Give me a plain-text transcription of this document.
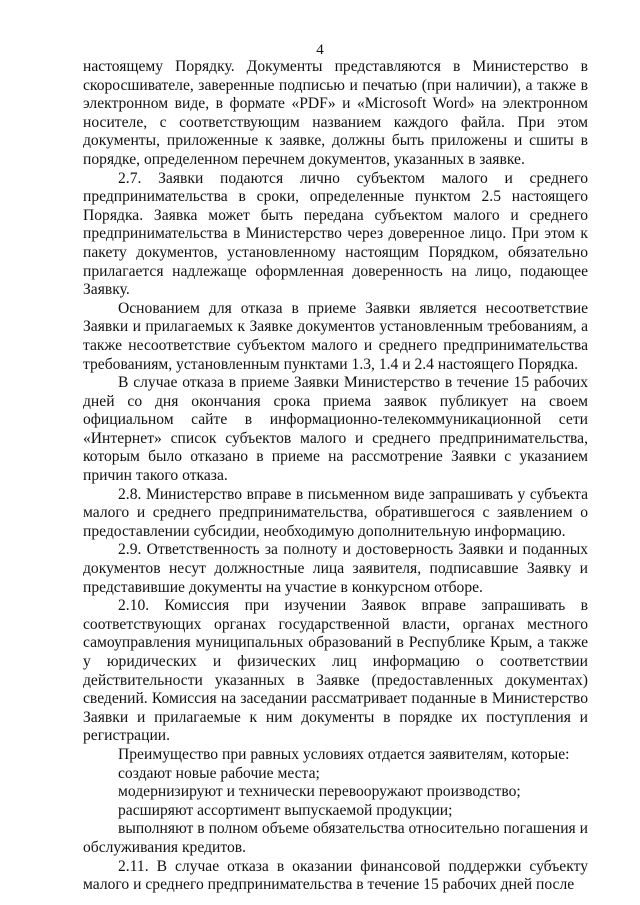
4

настоящему Порядку. Документы представляются в Министерство в скоросшивателе, заверенные подписью и печатью (при наличии), а также в электронном виде, в формате «PDF» и «Microsoft Word» на электронном носителе, с соответствующим названием каждого файла. При этом документы, приложенные к заявке, должны быть приложены и сшиты в порядке, определенном перечнем документов, указанных в заявке.

2.7. Заявки подаются лично субъектом малого и среднего предпринимательства в сроки, определенные пунктом 2.5 настоящего Порядка. Заявка может быть передана субъектом малого и среднего предпринимательства в Министерство через доверенное лицо. При этом к пакету документов, установленному настоящим Порядком, обязательно прилагается надлежаще оформленная доверенность на лицо, подающее Заявку.

Основанием для отказа в приеме Заявки является несоответствие Заявки и прилагаемых к Заявке документов установленным требованиям, а также несоответствие субъектом малого и среднего предпринимательства требованиям, установленным пунктами 1.3, 1.4 и 2.4 настоящего Порядка.

В случае отказа в приеме Заявки Министерство в течение 15 рабочих дней со дня окончания срока приема заявок публикует на своем официальном сайте в информационно-телекоммуникационной сети «Интернет» список субъектов малого и среднего предпринимательства, которым было отказано в приеме на рассмотрение Заявки с указанием причин такого отказа.

2.8. Министерство вправе в письменном виде запрашивать у субъекта малого и среднего предпринимательства, обратившегося с заявлением о предоставлении субсидии, необходимую дополнительную информацию.

2.9. Ответственность за полноту и достоверность Заявки и поданных документов несут должностные лица заявителя, подписавшие Заявку и представившие документы на участие в конкурсном отборе.

2.10. Комиссия при изучении Заявок вправе запрашивать в соответствующих органах государственной власти, органах местного самоуправления муниципальных образований в Республике Крым, а также у юридических и физических лиц информацию о соответствии действительности указанных в Заявке (предоставленных документах) сведений. Комиссия на заседании рассматривает поданные в Министерство Заявки и прилагаемые к ним документы в порядке их поступления и регистрации.

Преимущество при равных условиях отдается заявителям, которые:

создают новые рабочие места;

модернизируют и технически перевооружают производство;

расширяют ассортимент выпускаемой продукции;

выполняют в полном объеме обязательства относительно погашения и обслуживания кредитов.

2.11. В случае отказа в оказании финансовой поддержки субъекту малого и среднего предпринимательства в течение 15 рабочих дней после
